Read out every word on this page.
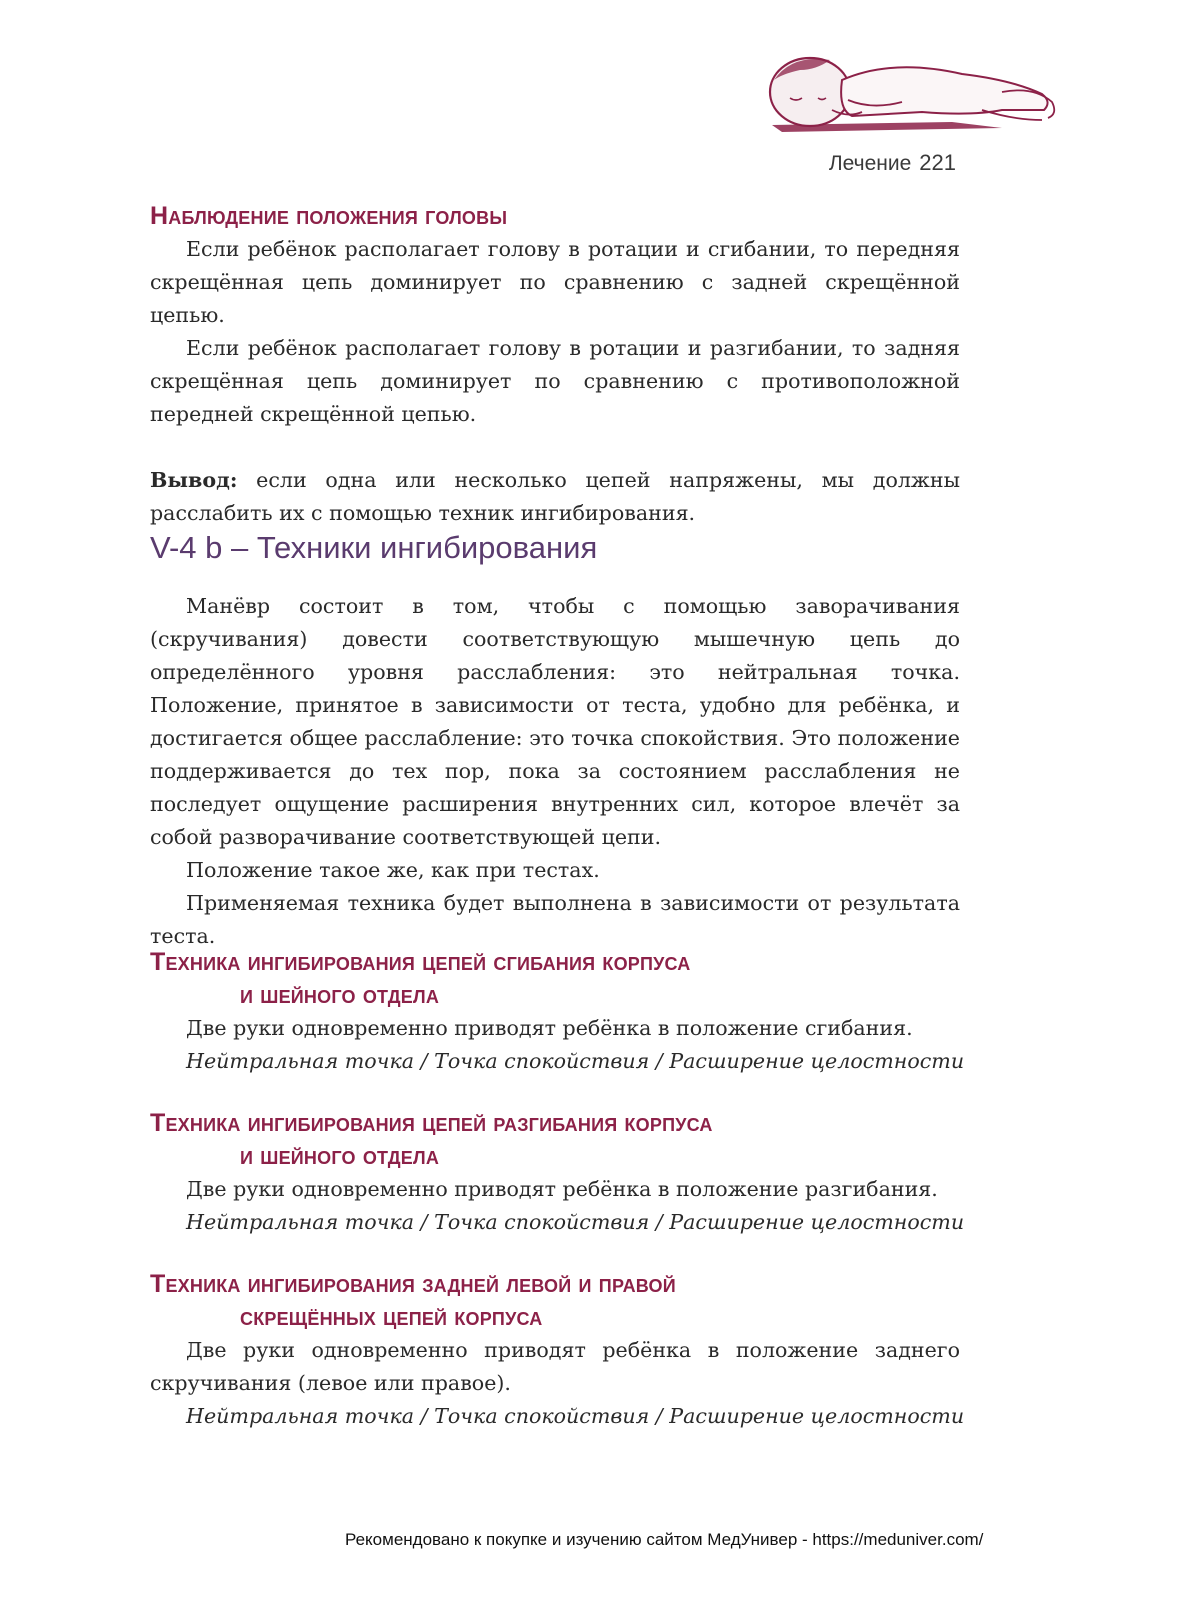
Лечение 221
Наблюдение положения головы

Если ребёнок располагает голову в ротации и сгибании, то передняя скрещённая цепь доминирует по сравнению с задней скрещённой цепью.

Если ребёнок располагает голову в ротации и разгибании, то задняя скрещённая цепь доминирует по сравнению с противоположной передней скрещённой цепью.

Вывод: если одна или несколько цепей напряжены, мы должны расслабить их с помощью техник ингибирования.

V-4 b – Техники ингибирования

Манёвр состоит в том, чтобы с помощью заворачивания (скручивания) довести соответствующую мышечную цепь до определённого уровня расслабления: это нейтральная точка. Положение, принятое в зависимости от теста, удобно для ребёнка, и достигается общее расслабление: это точка спокойствия. Это положение поддерживается до тех пор, пока за состоянием расслабления не последует ощущение расширения внутренних сил, которое влечёт за собой разворачивание соответствующей цепи.

Положение такое же, как при тестах.

Применяемая техника будет выполнена в зависимости от результата теста.

Техника ингибирования цепей сгибания корпуса
и шейного отдела

Две руки одновременно приводят ребёнка в положение сгибания.

Нейтральная точка / Точка спокойствия / Расширение целостности
Техника ингибирования цепей разгибания корпуса
и шейного отдела

Две руки одновременно приводят ребёнка в положение разгибания.

Нейтральная точка / Точка спокойствия / Расширение целостности
Техника ингибирования задней левой и правой
скрещённых цепей корпуса

Две руки одновременно приводят ребёнка в положение заднего скручивания (левое или правое).

Нейтральная точка / Точка спокойствия / Расширение целостности
Рекомендовано к покупке и изучению сайтом МедУнивер - https://meduniver.com/
